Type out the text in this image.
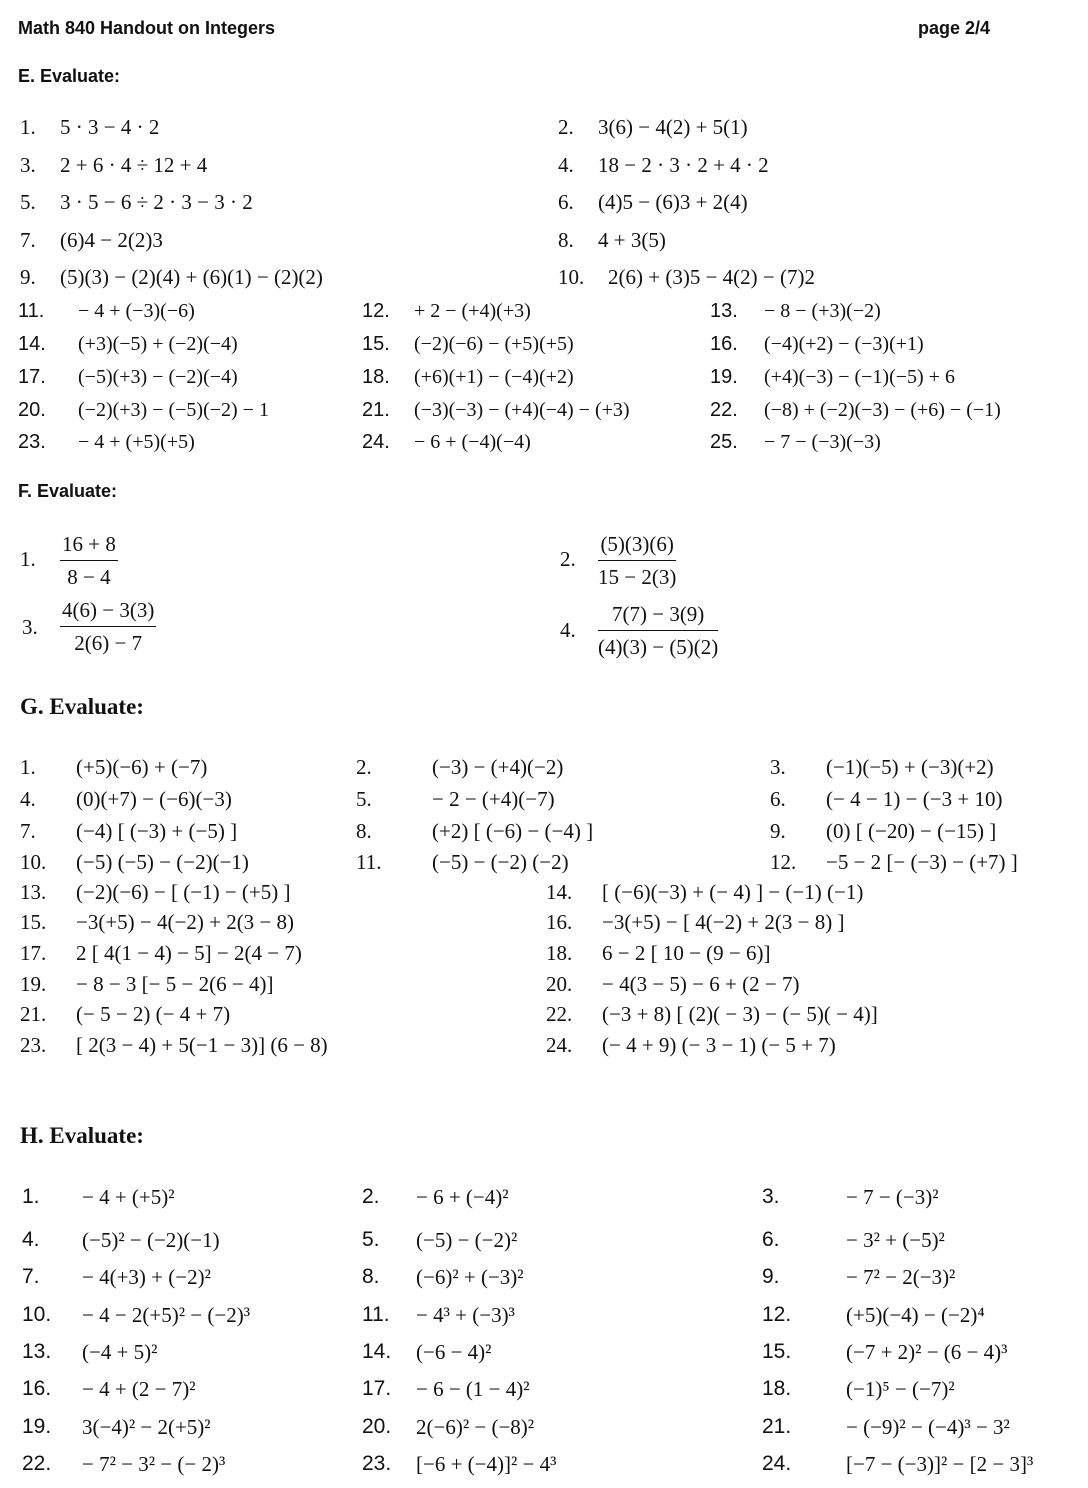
Math 840 Handout on Integers	page 2/4
E. Evaluate:
1. 5 · 3 − 4 · 2	2. 3(6) − 4(2) + 5(1)
3. 2 + 6 · 4 ÷ 12 + 4	4. 18 − 2 · 3 · 2 + 4 · 2
5. 3 · 5 − 6 ÷ 2 · 3 − 3 · 2	6. (4)5 − (6)3 + 2(4)
7. (6)4 − 2(2)3	8. 4 + 3(5)
9. (5)(3) − (2)(4) + (6)(1) − (2)(2)	10. 2(6) + (3)5 − 4(2) − (7)2
11. − 4 + (−3)(−6)	12. + 2 − (+4)(+3)	13. − 8 − (+3)(−2)
14. (+3)(−5) + (−2)(−4)	15. (−2)(−6) − (+5)(+5)	16. (−4)(+2) − (−3)(+1)
17. (−5)(+3) − (−2)(−4)	18. (+6)(+1) − (−4)(+2)	19. (+4)(−3) − (−1)(−5) + 6
20. (−2)(+3) − (−5)(−2) − 1	21. (−3)(−3) − (+4)(−4) − (+3)	22. (−8) + (−2)(−3) − (+6) − (−1)
23. − 4 + (+5)(+5)	24. − 6 + (−4)(−4)	25. − 7 − (−3)(−3)
F. Evaluate:
1. $\frac{16 + 8}{8 - 4}$	2. $\frac{(5)(3)(6)}{15 - 2(3)}$
3. $\frac{4(6) - 3(3)}{2(6) - 7}$	4. $\frac{7(7) - 3(9)}{(4)(3) - (5)(2)}$
G. Evaluate:
1. (+5)(−6) + (−7)	2.	(−3) − (+4)(−2)	3. (−1)(−5) + (−3)(+2)
4. (0)(+7) − (−6)(−3)	5.	− 2 − (+4)(−7)	6. (− 4 − 1) − (−3 + 10)
7. (−4) [ (−3) + (−5) ]	8.	(+2) [ (−6) − (−4) ]	9. (0) [ (−20) − (−15) ]
10. (−5) (−5) − (−2)(−1)	11. (−5) − (−2) (−2)	12. −5 − 2 [− (−3) − (+7) ]
13. (−2)(−6) − [ (−1) − (+5) ]	14. [ (−6)(−3) + (− 4) ] − (−1) (−1)
15. −3(+5) − 4(−2) + 2(3 − 8)	16. −3(+5) − [ 4(−2) + 2(3 − 8) ]
17. 2 [ 4(1 − 4) − 5] − 2(4 − 7)	18. 6 − 2 [ 10 − (9 − 6)]
19. − 8 − 3 [− 5 − 2(6 − 4)]	20. − 4(3 − 5) − 6 + (2 − 7)
21. (− 5 − 2) (− 4 + 7)	22. (−3 + 8) [ (2)( − 3) − (− 5)( − 4)]
23. [ 2(3 − 4) + 5(−1 − 3)] (6 − 8)	24. (− 4 + 9) (− 3 − 1) (− 5 + 7)
H. Evaluate:
1. − 4 + (+5)²	2. − 6 + (−4)²	3.	− 7 − (−3)²
4. (−5)² − (−2)(−1)	5. (−5) − (−2)²	6.	− 3² + (−5)²
7. − 4(+3) + (−2)²	8. (−6)² + (−3)²	9.	− 7² − 2(−3)²
10. − 4 − 2(+5)² − (−2)³	11. − 4³ + (−3)³	12.	(+5)(−4) − (−2)⁴
13. (−4 + 5)²	14. (−6 − 4)²	15.	(−7 + 2)² − (6 − 4)³
16. − 4 + (2 − 7)²	17. − 6 − (1 − 4)²	18.	(−1)⁵ − (−7)²
19. 3(−4)² − 2(+5)²	20. 2(−6)² − (−8)²	21.	− (−9)² − (−4)³ − 3²
22. − 7² − 3² − (− 2)³	23. [−6 + (−4)]² − 4³	24.	[−7 − (−3)]² − [2 − 3]³
